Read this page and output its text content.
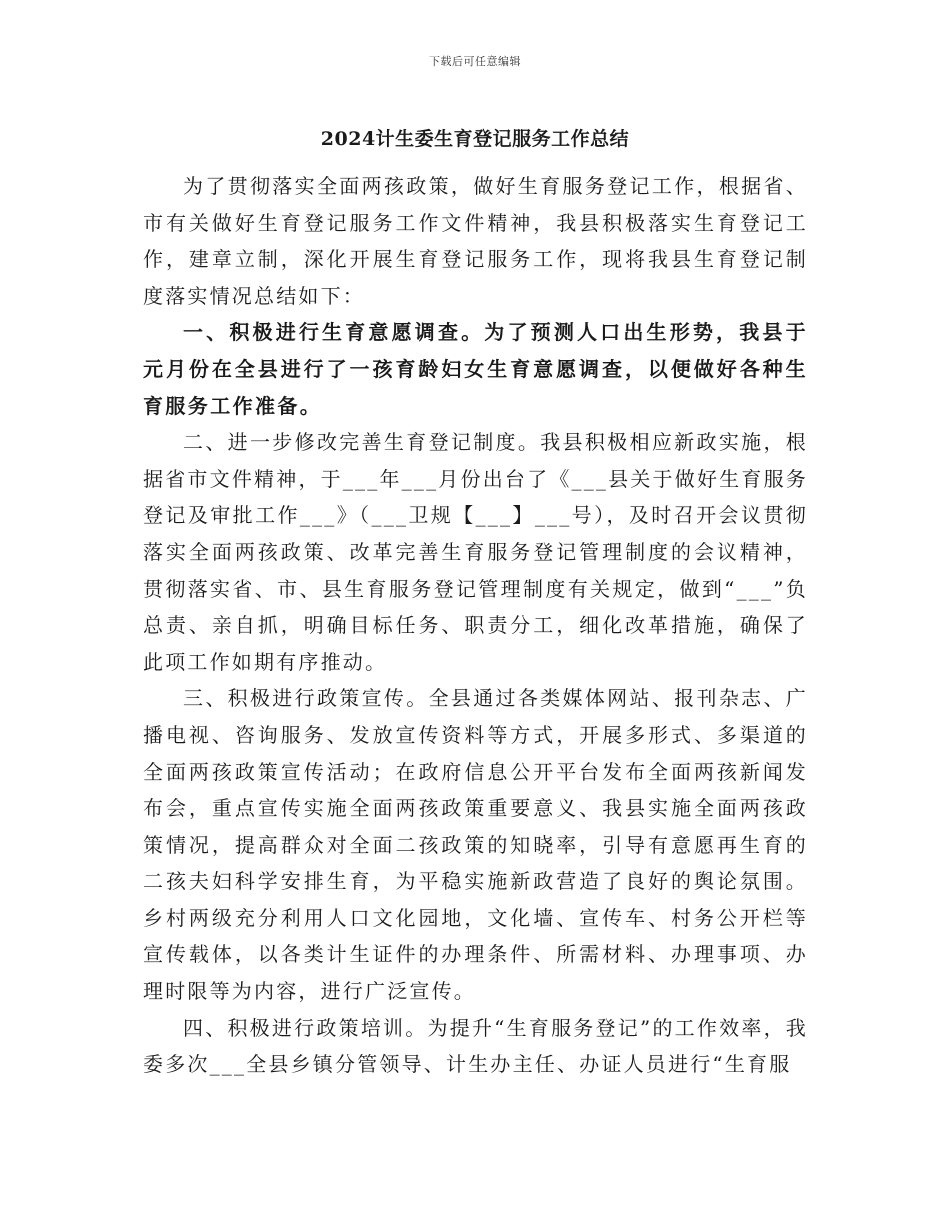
下载后可任意编辑
2024计生委生育登记服务工作总结

为了贯彻落实全面两孩政策，做好生育服务登记工作，根据省、市有关做好生育登记服务工作文件精神，我县积极落实生育登记工作，建章立制，深化开展生育登记服务工作，现将我县生育登记制度落实情况总结如下：

一、积极进行生育意愿调查。为了预测人口出生形势，我县于元月份在全县进行了一孩育龄妇女生育意愿调查，以便做好各种生育服务工作准备。

二、进一步修改完善生育登记制度。我县积极相应新政实施，根据省市文件精神，于___年___月份出台了《___县关于做好生育服务登记及审批工作___》（___卫规【___】___号），及时召开会议贯彻落实全面两孩政策、改革完善生育服务登记管理制度的会议精神，贯彻落实省、市、县生育服务登记管理制度有关规定，做到“___”负总责、亲自抓，明确目标任务、职责分工，细化改革措施，确保了此项工作如期有序推动。

三、积极进行政策宣传。全县通过各类媒体网站、报刊杂志、广播电视、咨询服务、发放宣传资料等方式，开展多形式、多渠道的全面两孩政策宣传活动；在政府信息公开平台发布全面两孩新闻发布会，重点宣传实施全面两孩政策重要意义、我县实施全面两孩政策情况，提高群众对全面二孩政策的知晓率，引导有意愿再生育的二孩夫妇科学安排生育，为平稳实施新政营造了良好的舆论氛围。乡村两级充分利用人口文化园地，文化墙、宣传车、村务公开栏等宣传载体，以各类计生证件的办理条件、所需材料、办理事项、办理时限等为内容，进行广泛宣传。

四、积极进行政策培训。为提升“生育服务登记”的工作效率，我委多次___全县乡镇分管领导、计生办主任、办证人员进行“生育服
